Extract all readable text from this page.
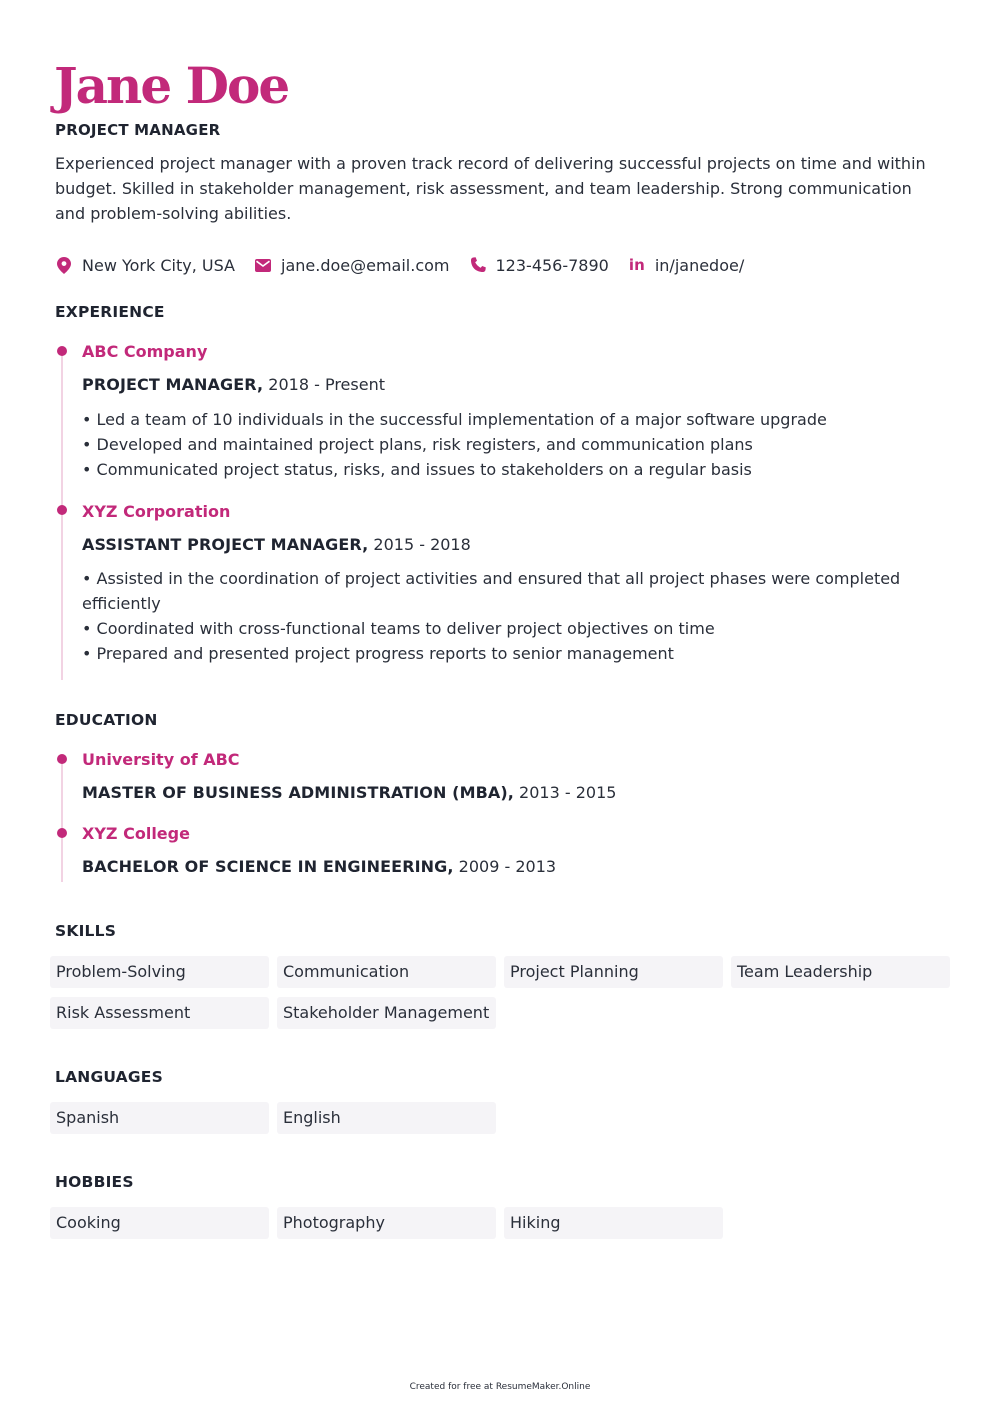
Jane Doe
PROJECT MANAGER
Experienced project manager with a proven track record of delivering successful projects on time and within budget. Skilled in stakeholder management, risk assessment, and team leadership. Strong communication and problem-solving abilities.
New York City, USA	jane.doe@email.com	123-456-7890 in in/janedoe/
EXPERIENCE
ABC Company
PROJECT MANAGER, 2018 - Present
• Led a team of 10 individuals in the successful implementation of a major software upgrade
• Developed and maintained project plans, risk registers, and communication plans
• Communicated project status, risks, and issues to stakeholders on a regular basis
XYZ Corporation
ASSISTANT PROJECT MANAGER, 2015 - 2018
• Assisted in the coordination of project activities and ensured that all project phases were completed efficiently
• Coordinated with cross-functional teams to deliver project objectives on time
• Prepared and presented project progress reports to senior management
EDUCATION
University of ABC
MASTER OF BUSINESS ADMINISTRATION (MBA), 2013 - 2015
XYZ College
BACHELOR OF SCIENCE IN ENGINEERING, 2009 - 2013
SKILLS
Problem-Solving	Communication	Project Planning	Team Leadership
Risk Assessment	Stakeholder Management
LANGUAGES
Spanish	English
HOBBIES
Cooking	Photography	Hiking
Created for free at ResumeMaker.Online
